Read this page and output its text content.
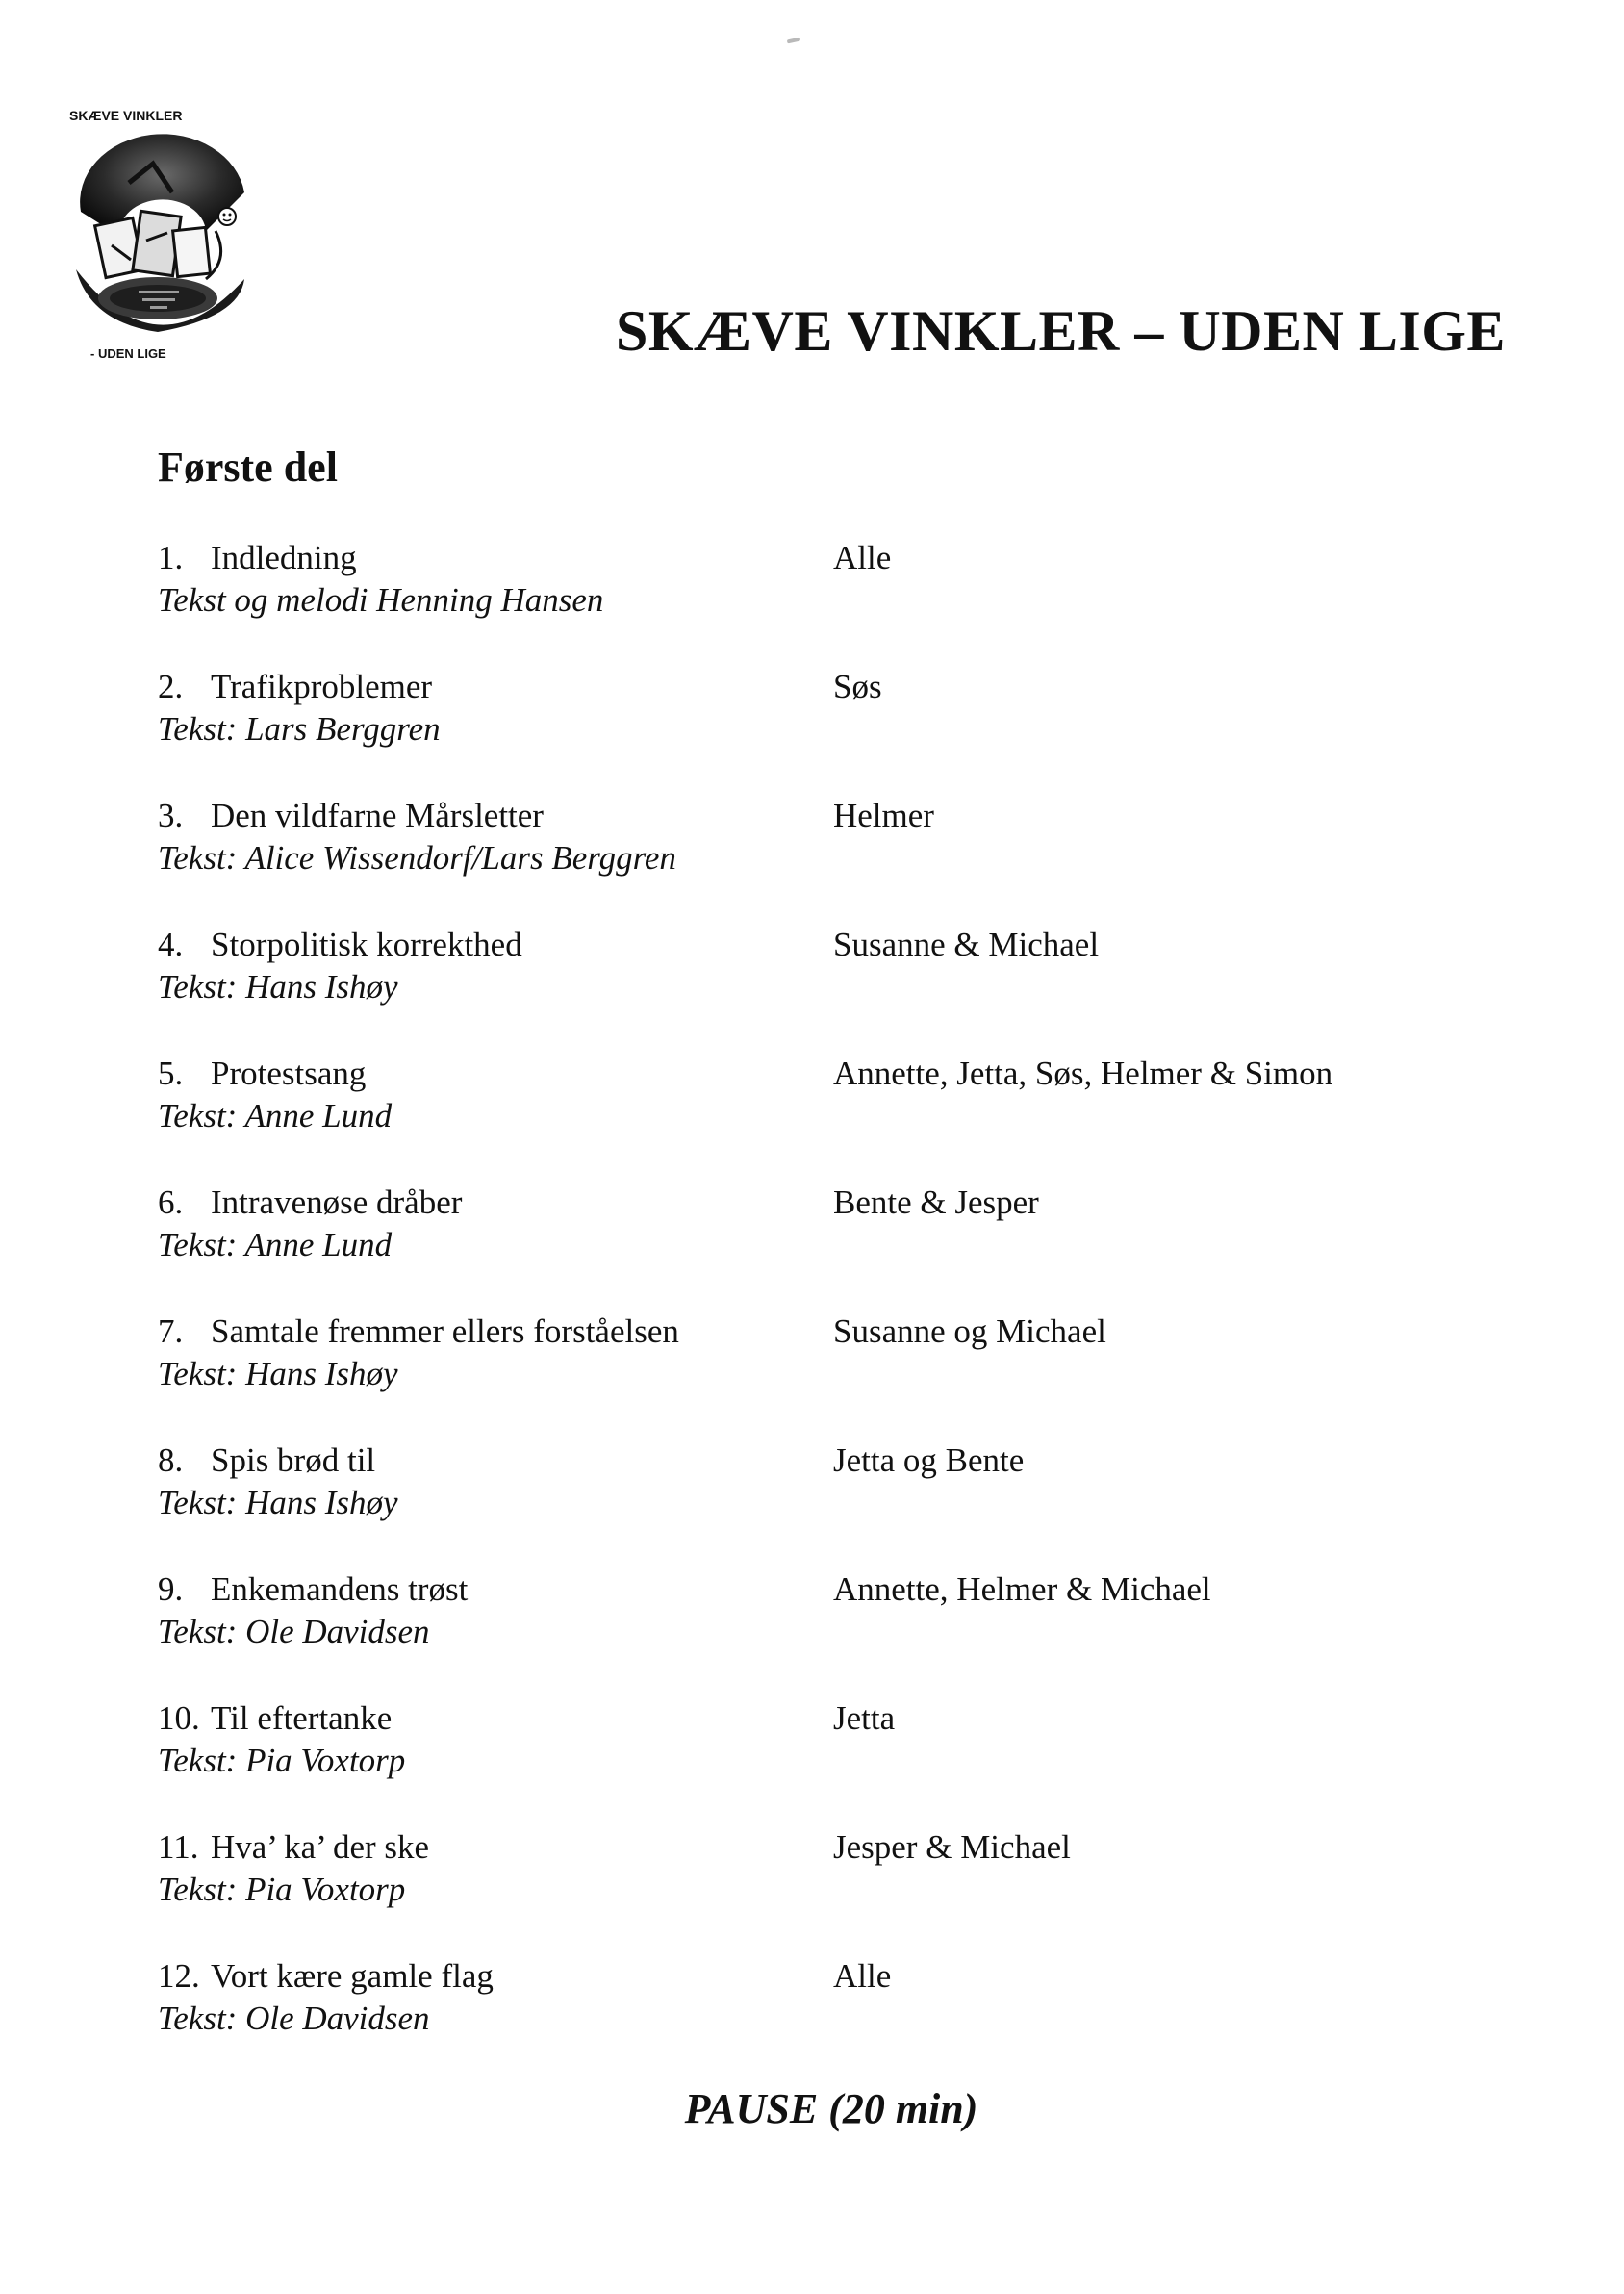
SKÆVE VINKLER
- UDEN LIGE	SKÆVE VINKLER – UDEN LIGE
Første del
1. Indledning
Tekst og melodi Henning Hansen
Alle
2. Trafikproblemer
Tekst: Lars Berggren
Søs
3. Den vildfarne Mårsletter
Tekst: Alice Wissendorf/Lars Berggren
Helmer
4. Storpolitisk korrekthed
Tekst: Hans Ishøy
Susanne & Michael
5. Protestsang
Tekst: Anne Lund
Annette, Jetta, Søs, Helmer & Simon
6. Intravenøse dråber
Tekst: Anne Lund
Bente & Jesper
7. Samtale fremmer ellers forståelsen
Tekst: Hans Ishøy
Susanne og Michael
8. Spis brød til
Tekst: Hans Ishøy
Jetta og Bente
9. Enkemandens trøst
Tekst: Ole Davidsen
Annette, Helmer & Michael
10. Til eftertanke
Tekst: Pia Voxtorp
Jetta
11. Hva’ ka’ der ske
Tekst: Pia Voxtorp
Jesper & Michael
12. Vort kære gamle flag
Tekst: Ole Davidsen
Alle

PAUSE (20 min)
